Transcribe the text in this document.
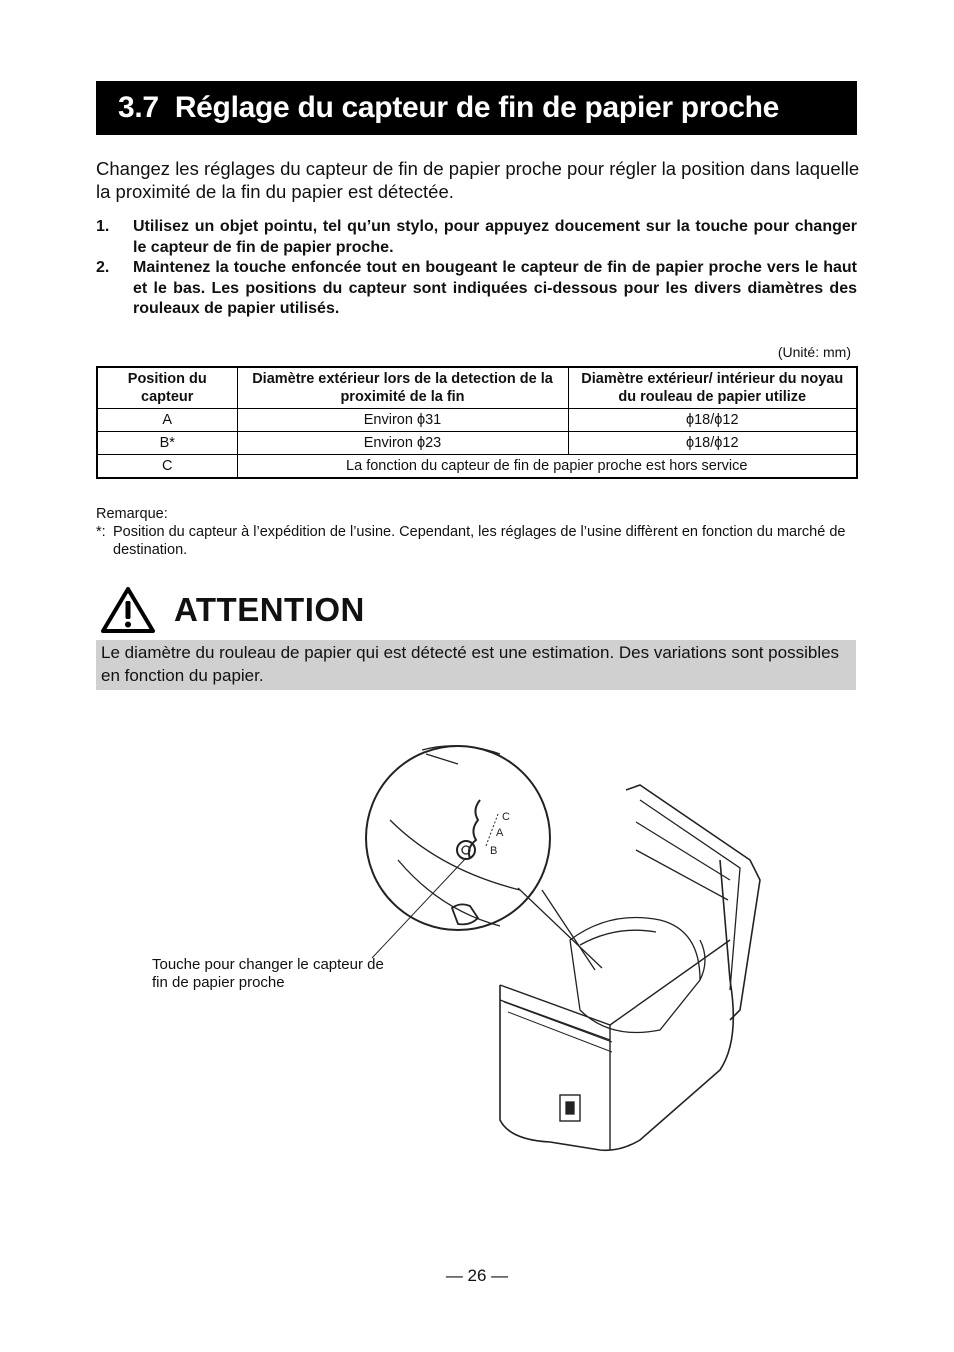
3.7 Réglage du capteur de fin de papier proche

Changez les réglages du capteur de fin de papier proche pour régler la position dans laquelle la proximité de la fin du papier est détectée.

1.	Utilisez un objet pointu, tel qu’un stylo, pour appuyez doucement sur la touche pour changer le capteur de fin de papier proche.
2.	Maintenez la touche enfoncée tout en bougeant le capteur de fin de papier proche vers le haut et le bas. Les positions du capteur sont indiquées ci-dessous pour les divers diamètres des rouleaux de papier utilisés.
(Unité: mm)
Position du capteur	Diamètre extérieur lors de la detection de la proximité de la fin	Diamètre extérieur/ intérieur du noyau du rouleau de papier utilize
A	Environ ϕ31	ϕ18/ϕ12
B*	Environ ϕ23	ϕ18/ϕ12
C	La fonction du capteur de fin de papier proche est hors service	
Remarque:
*: Position du capteur à l’expédition de l’usine. Cependant, les réglages de l’usine diffèrent en fonction du marché de destination.
ATTENTION
Le diamètre du rouleau de papier qui est détecté est une estimation. Des variations sont possibles en fonction du papier.
C
A
B
Touche pour changer le capteur de fin de papier proche
— 26 —
